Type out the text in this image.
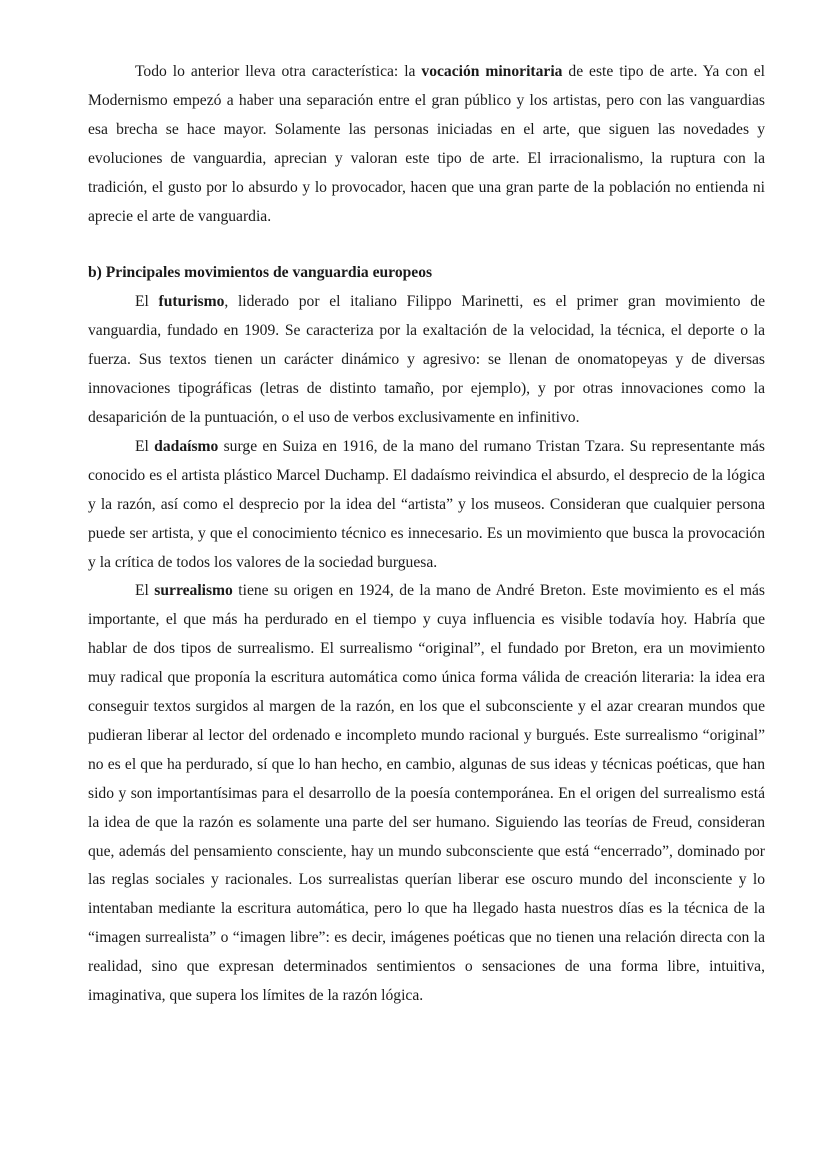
Todo lo anterior lleva otra característica: la vocación minoritaria de este tipo de arte. Ya con el Modernismo empezó a haber una separación entre el gran público y los artistas, pero con las vanguardias esa brecha se hace mayor. Solamente las personas iniciadas en el arte, que siguen las novedades y evoluciones de vanguardia, aprecian y valoran este tipo de arte. El irracionalismo, la ruptura con la tradición, el gusto por lo absurdo y lo provocador, hacen que una gran parte de la población no entienda ni aprecie el arte de vanguardia.

b) Principales movimientos de vanguardia europeos

El futurismo, liderado por el italiano Filippo Marinetti, es el primer gran movimiento de vanguardia, fundado en 1909. Se caracteriza por la exaltación de la velocidad, la técnica, el deporte o la fuerza. Sus textos tienen un carácter dinámico y agresivo: se llenan de onomatopeyas y de diversas innovaciones tipográficas (letras de distinto tamaño, por ejemplo), y por otras innovaciones como la desaparición de la puntuación, o el uso de verbos exclusivamente en infinitivo.

El dadaísmo surge en Suiza en 1916, de la mano del rumano Tristan Tzara. Su representante más conocido es el artista plástico Marcel Duchamp. El dadaísmo reivindica el absurdo, el desprecio de la lógica y la razón, así como el desprecio por la idea del “artista” y los museos. Consideran que cualquier persona puede ser artista, y que el conocimiento técnico es innecesario. Es un movimiento que busca la provocación y la crítica de todos los valores de la sociedad burguesa.

El surrealismo tiene su origen en 1924, de la mano de André Breton. Este movimiento es el más importante, el que más ha perdurado en el tiempo y cuya influencia es visible todavía hoy. Habría que hablar de dos tipos de surrealismo. El surrealismo “original”, el fundado por Breton, era un movimiento muy radical que proponía la escritura automática como única forma válida de creación literaria: la idea era conseguir textos surgidos al margen de la razón, en los que el subconsciente y el azar crearan mundos que pudieran liberar al lector del ordenado e incompleto mundo racional y burgués. Este surrealismo “original” no es el que ha perdurado, sí que lo han hecho, en cambio, algunas de sus ideas y técnicas poéticas, que han sido y son importantísimas para el desarrollo de la poesía contemporánea. En el origen del surrealismo está la idea de que la razón es solamente una parte del ser humano. Siguiendo las teorías de Freud, consideran que, además del pensamiento consciente, hay un mundo subconsciente que está “encerrado”, dominado por las reglas sociales y racionales. Los surrealistas querían liberar ese oscuro mundo del inconsciente y lo intentaban mediante la escritura automática, pero lo que ha llegado hasta nuestros días es la técnica de la “imagen surrealista” o “imagen libre”: es decir, imágenes poéticas que no tienen una relación directa con la realidad, sino que expresan determinados sentimientos o sensaciones de una forma libre, intuitiva, imaginativa, que supera los límites de la razón lógica.
